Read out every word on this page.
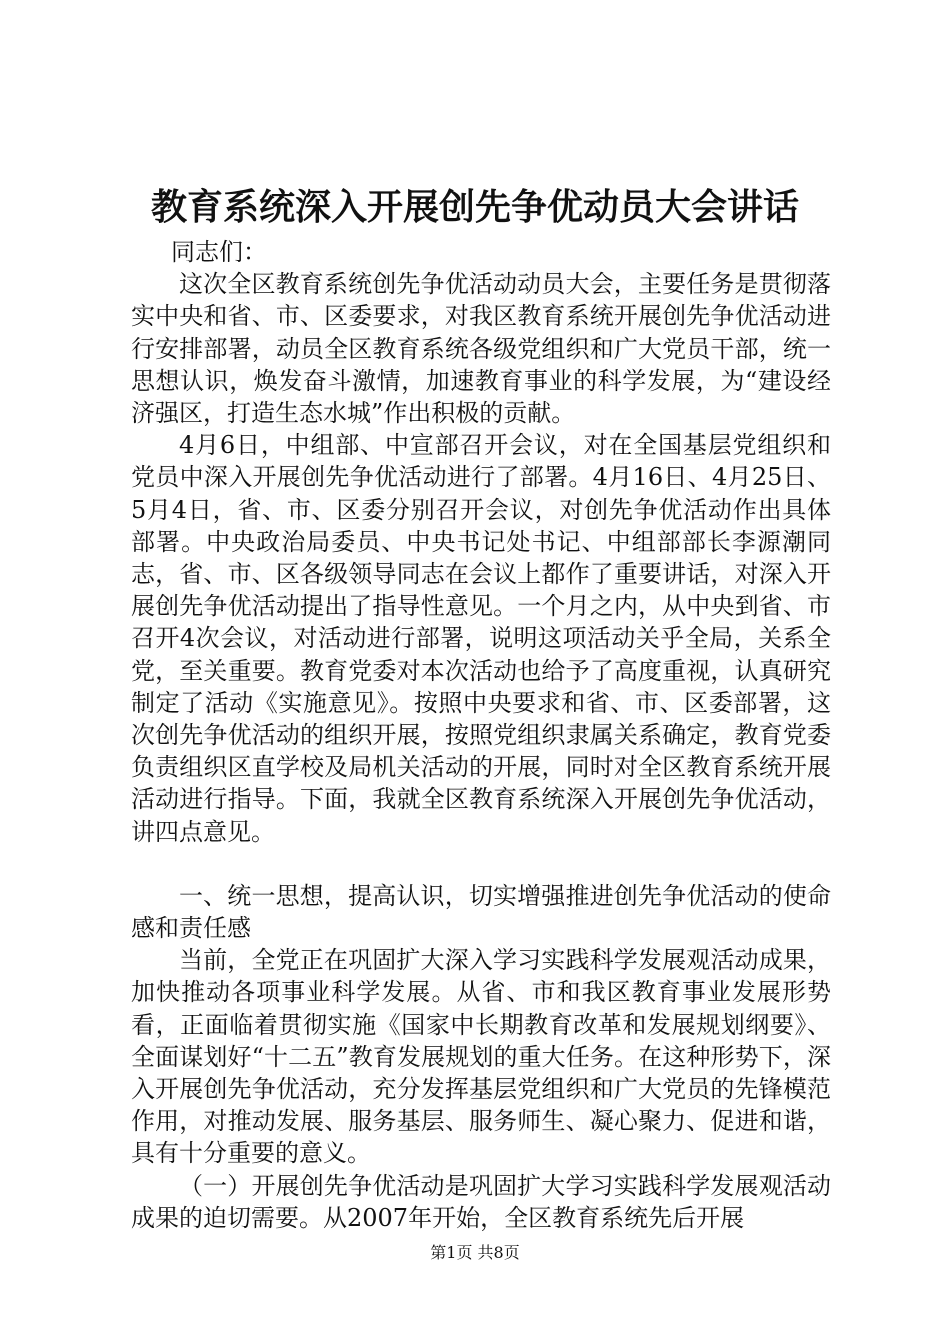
教育系统深入开展创先争优动员大会讲话

同志们：

这次全区教育系统创先争优活动动员大会，主要任务是贯彻落实中央和省、市、区委要求，对我区教育系统开展创先争优活动进行安排部署，动员全区教育系统各级党组织和广大党员干部，统一思想认识，焕发奋斗激情，加速教育事业的科学发展，为“建设经济强区，打造生态水城”作出积极的贡献。

4月6日，中组部、中宣部召开会议，对在全国基层党组织和党员中深入开展创先争优活动进行了部署。4月16日、4月25日、5月4日，省、市、区委分别召开会议，对创先争优活动作出具体部署。中央政治局委员、中央书记处书记、中组部部长李源潮同志，省、市、区各级领导同志在会议上都作了重要讲话，对深入开展创先争优活动提出了指导性意见。一个月之内，从中央到省、市召开4次会议，对活动进行部署，说明这项活动关乎全局，关系全党，至关重要。教育党委对本次活动也给予了高度重视，认真研究制定了活动《实施意见》。按照中央要求和省、市、区委部署，这次创先争优活动的组织开展，按照党组织隶属关系确定，教育党委负责组织区直学校及局机关活动的开展，同时对全区教育系统开展活动进行指导。下面，我就全区教育系统深入开展创先争优活动，讲四点意见。

一、统一思想，提高认识，切实增强推进创先争优活动的使命感和责任感

当前，全党正在巩固扩大深入学习实践科学发展观活动成果，加快推动各项事业科学发展。从省、市和我区教育事业发展形势看，正面临着贯彻实施《国家中长期教育改革和发展规划纲要》、全面谋划好“十二五”教育发展规划的重大任务。在这种形势下，深入开展创先争优活动，充分发挥基层党组织和广大党员的先锋模范作用，对推动发展、服务基层、服务师生、凝心聚力、促进和谐，具有十分重要的意义。

（一）开展创先争优活动是巩固扩大学习实践科学发展观活动成果的迫切需要。从2007年开始，全区教育系统先后开展

第1页 共8页
